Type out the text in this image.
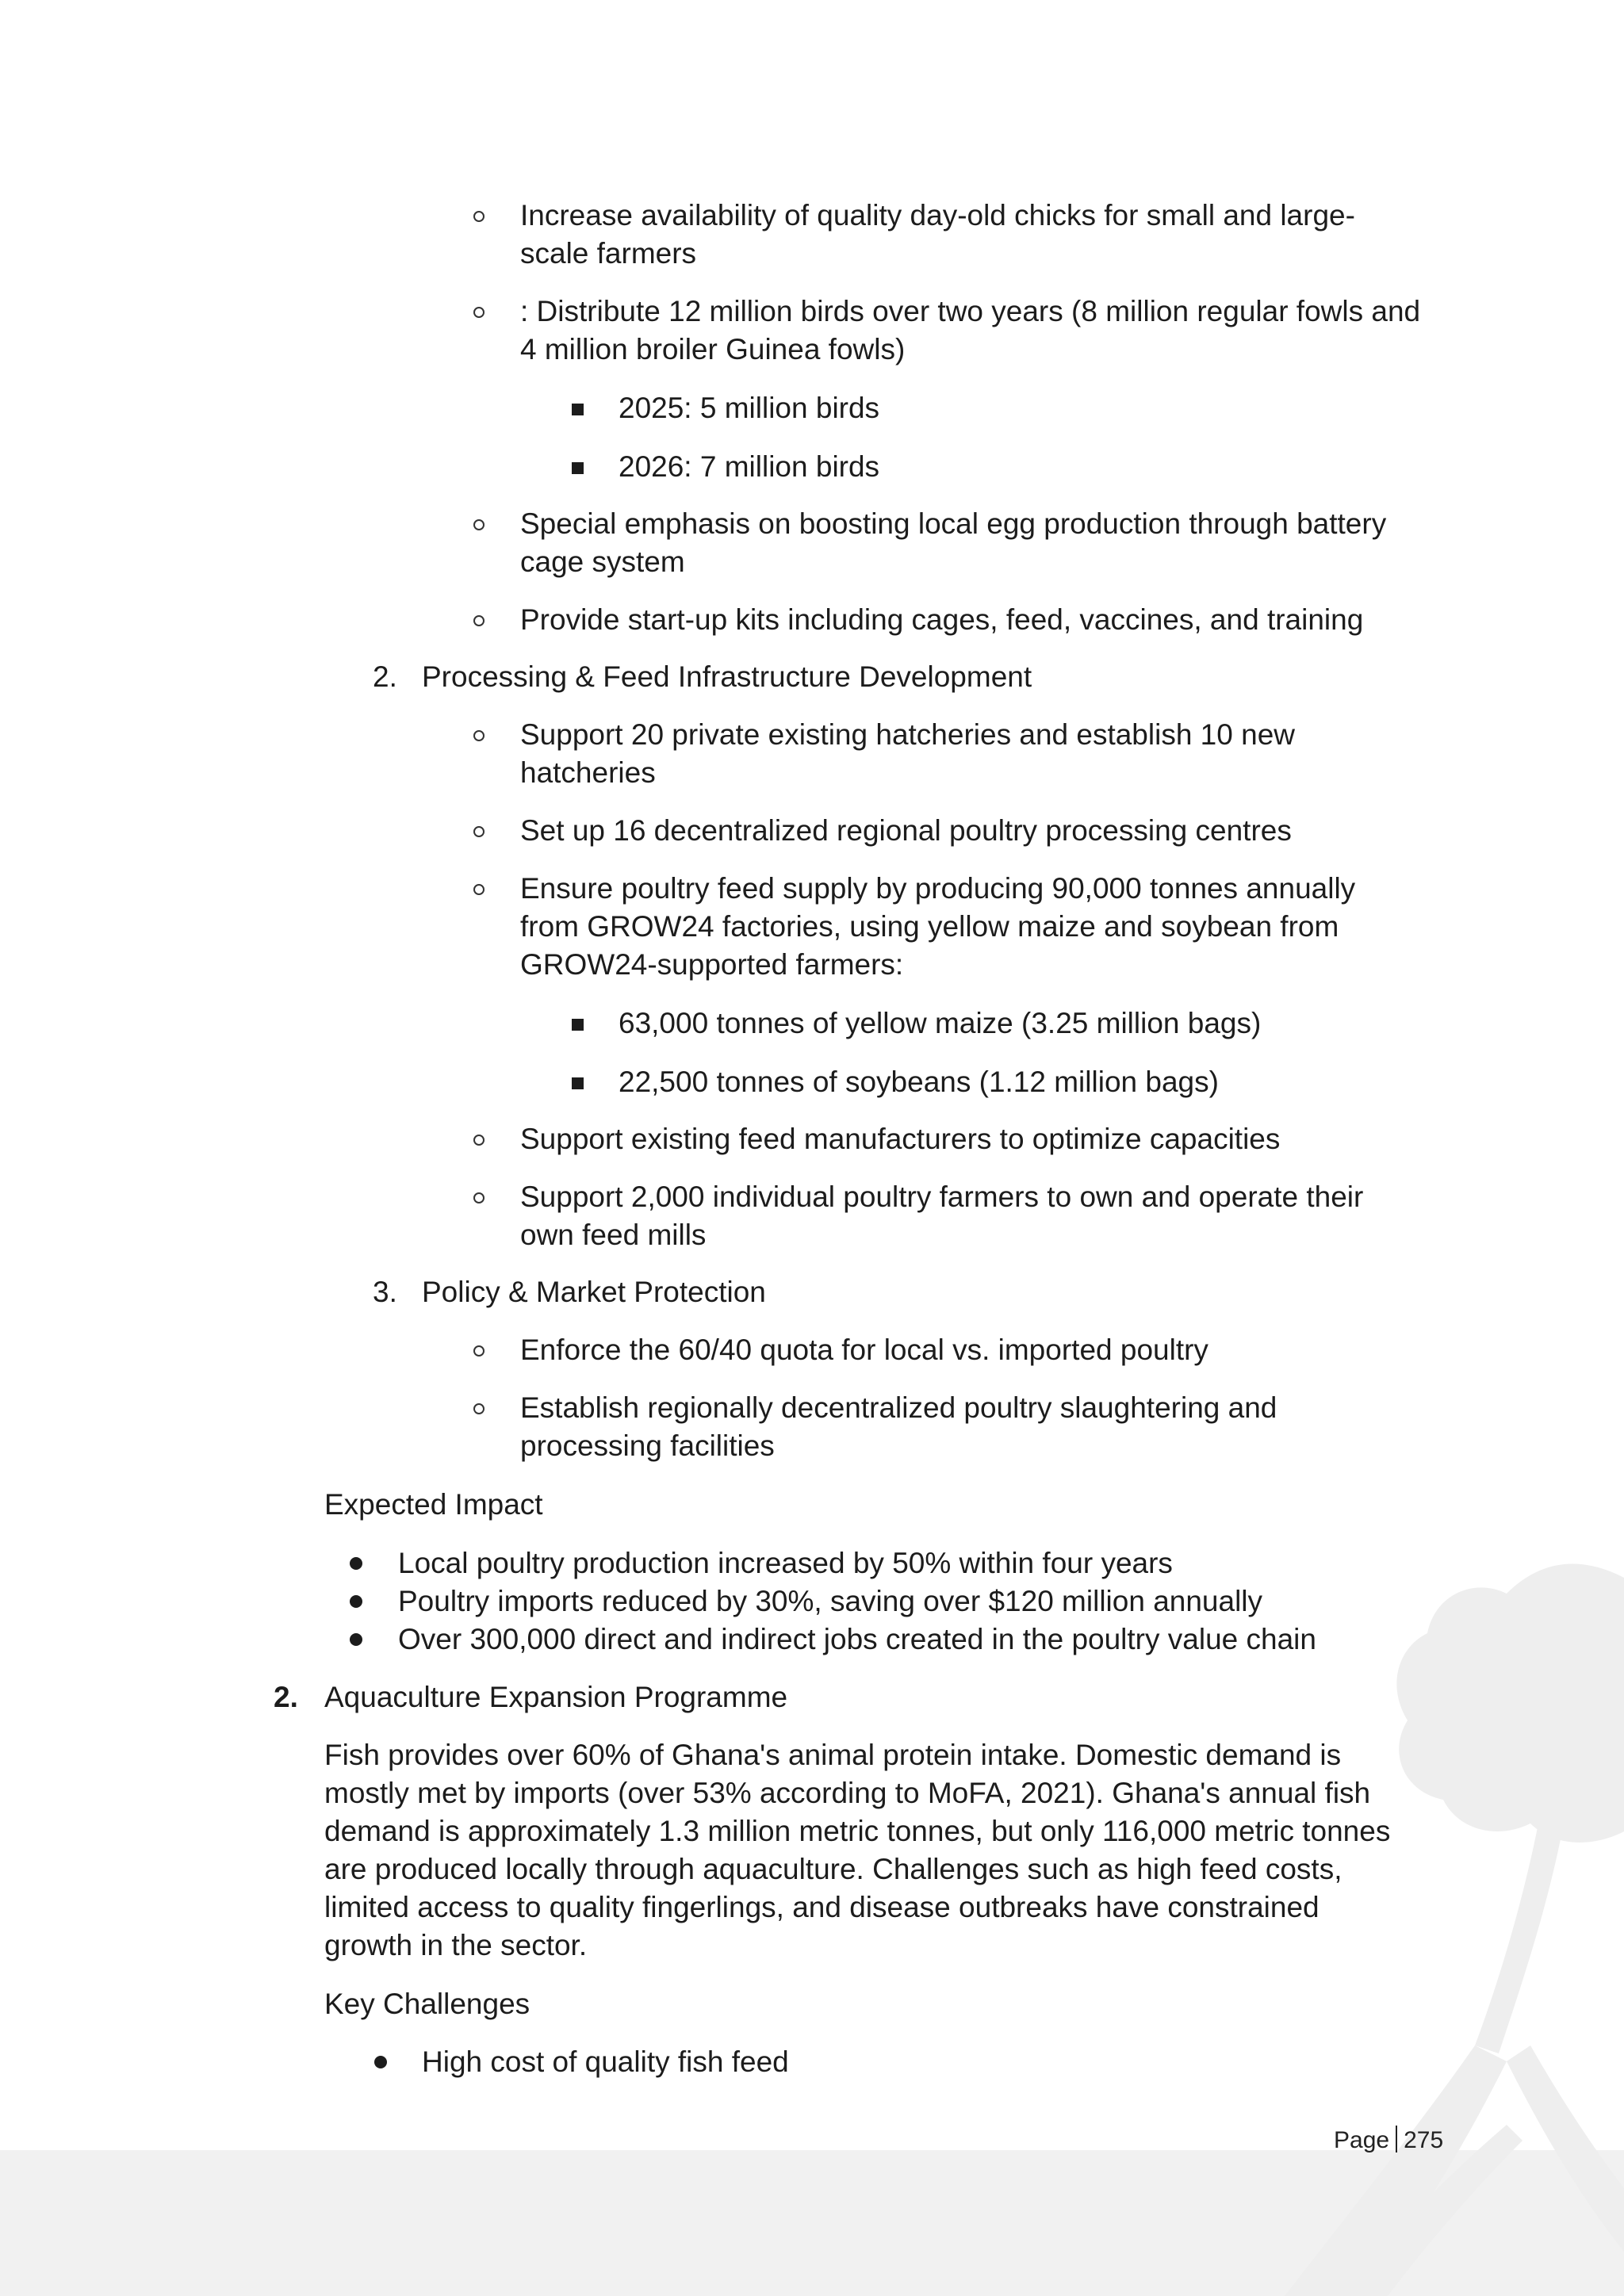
Increase availability of quality day-old chicks for small and large-
scale farmers
: Distribute 12 million birds over two years (8 million regular fowls and
4 million broiler Guinea fowls)
2025: 5 million birds
2026: 7 million birds
Special emphasis on boosting local egg production through battery
cage system
Provide start-up kits including cages, feed, vaccines, and training
2. Processing & Feed Infrastructure Development
Support 20 private existing hatcheries and establish 10 new
hatcheries
Set up 16 decentralized regional poultry processing centres
Ensure poultry feed supply by producing 90,000 tonnes annually
from GROW24 factories, using yellow maize and soybean from
GROW24-supported farmers:
63,000 tonnes of yellow maize (3.25 million bags)
22,500 tonnes of soybeans (1.12 million bags)
Support existing feed manufacturers to optimize capacities
Support 2,000 individual poultry farmers to own and operate their
own feed mills
3. Policy & Market Protection
Enforce the 60/40 quota for local vs. imported poultry
Establish regionally decentralized poultry slaughtering and
processing facilities
Expected Impact
Local poultry production increased by 50% within four years
Poultry imports reduced by 30%, saving over $120 million annually
Over 300,000 direct and indirect jobs created in the poultry value chain
2. Aquaculture Expansion Programme
Fish provides over 60% of Ghana's animal protein intake. Domestic demand is
mostly met by imports (over 53% according to MoFA, 2021). Ghana's annual fish
demand is approximately 1.3 million metric tonnes, but only 116,000 metric tonnes
are produced locally through aquaculture. Challenges such as high feed costs,
limited access to quality fingerlings, and disease outbreaks have constrained
growth in the sector.
Key Challenges
High cost of quality fish feed
Page 275
